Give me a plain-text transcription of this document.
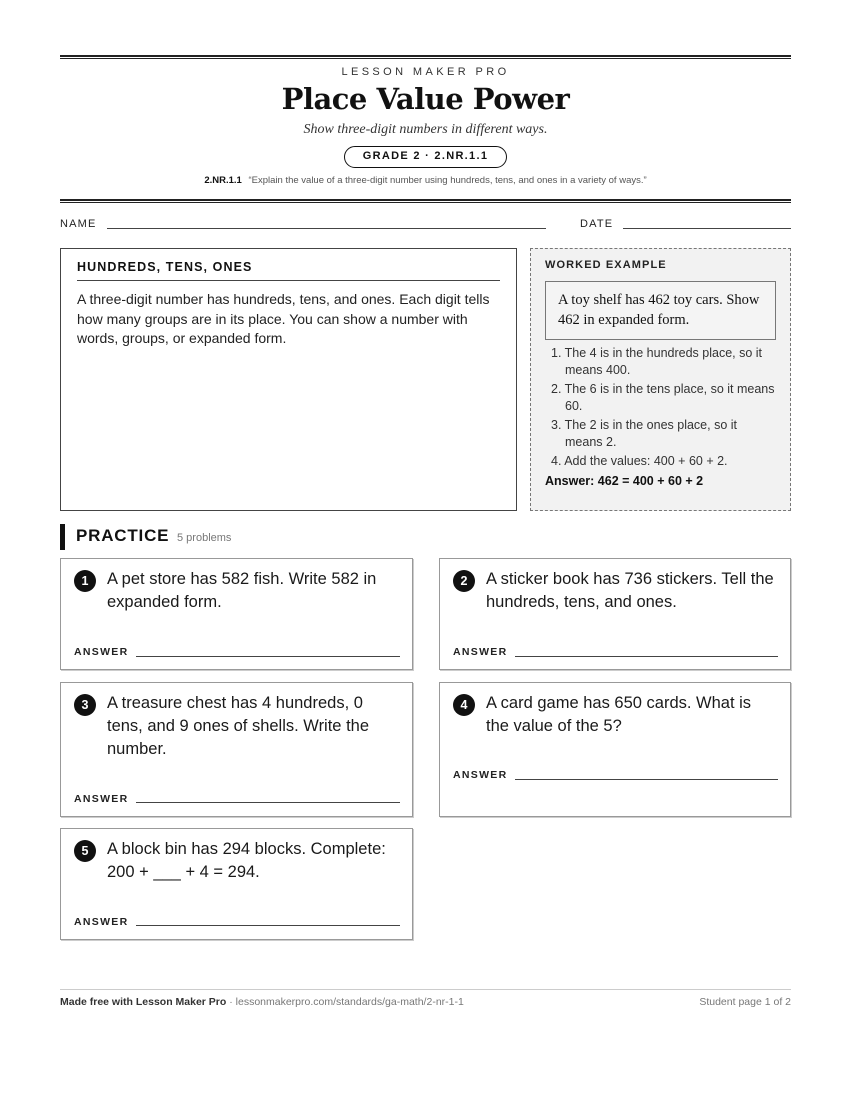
LESSON MAKER PRO
Place Value Power
Show three-digit numbers in different ways.
GRADE 2 · 2.NR.1.1
2.NR.1.1 “Explain the value of a three-digit number using hundreds, tens, and ones in a variety of ways.”
NAME	DATE
HUNDREDS, TENS, ONES
A three-digit number has hundreds, tens, and ones. Each digit tells how many groups are in its place. You can show a number with words, groups, or expanded form.
WORKED EXAMPLE
A toy shelf has 462 toy cars. Show 462 in expanded form.
1. The 4 is in the hundreds place, so it means 400.
2. The 6 is in the tens place, so it means 60.
3. The 2 is in the ones place, so it means 2.
4. Add the values: 400 + 60 + 2.
Answer: 462 = 400 + 60 + 2
PRACTICE 5 problems
1	A pet store has 582 fish. Write 582 in expanded form.
ANSWER
2	A sticker book has 736 stickers. Tell the hundreds, tens, and ones.
ANSWER
3	A treasure chest has 4 hundreds, 0 tens, and 9 ones of shells. Write the number.
ANSWER
4	A card game has 650 cards. What is the value of the 5?
ANSWER
5	A block bin has 294 blocks. Complete: 200 + ___ + 4 = 294.
ANSWER
Made free with Lesson Maker Pro · lessonmakerpro.com/standards/ga-math/2-nr-1-1	Student page 1 of 2
